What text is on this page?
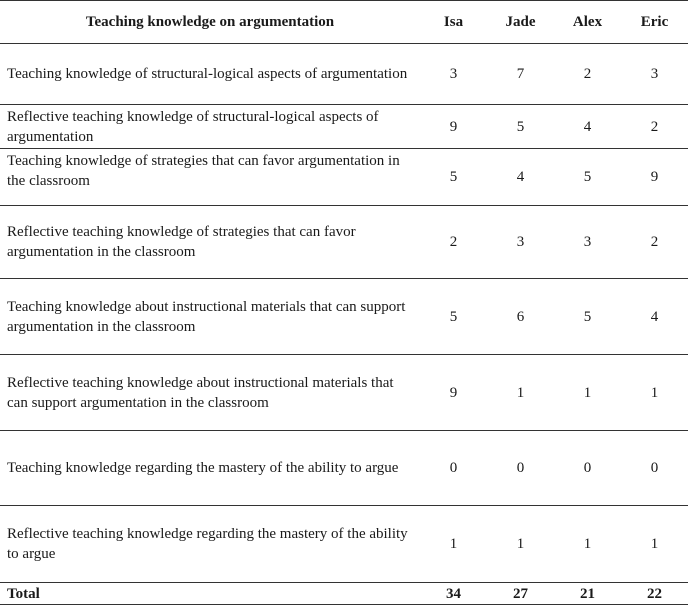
Teaching knowledge on argumentation	Isa	Jade	Alex	Eric
Teaching knowledge of structural-logical aspects of argumentation	3	7	2	3
Reflective teaching knowledge of structural-logical aspects of argumentation	9	5	4	2
Teaching knowledge of strategies that can favor argumentation in the classroom	5	4	5	9
Reflective teaching knowledge of strategies that can favor argumentation in the classroom	2	3	3	2
Teaching knowledge about instructional materials that can support argumentation in the classroom	5	6	5	4
Reflective teaching knowledge about instructional materials that can support argumentation in the classroom	9	1	1	1
Teaching knowledge regarding the mastery of the ability to argue	0	0	0	0
Reflective teaching knowledge regarding the mastery of the ability to argue	1	1	1	1
Total	34	27	21	22
